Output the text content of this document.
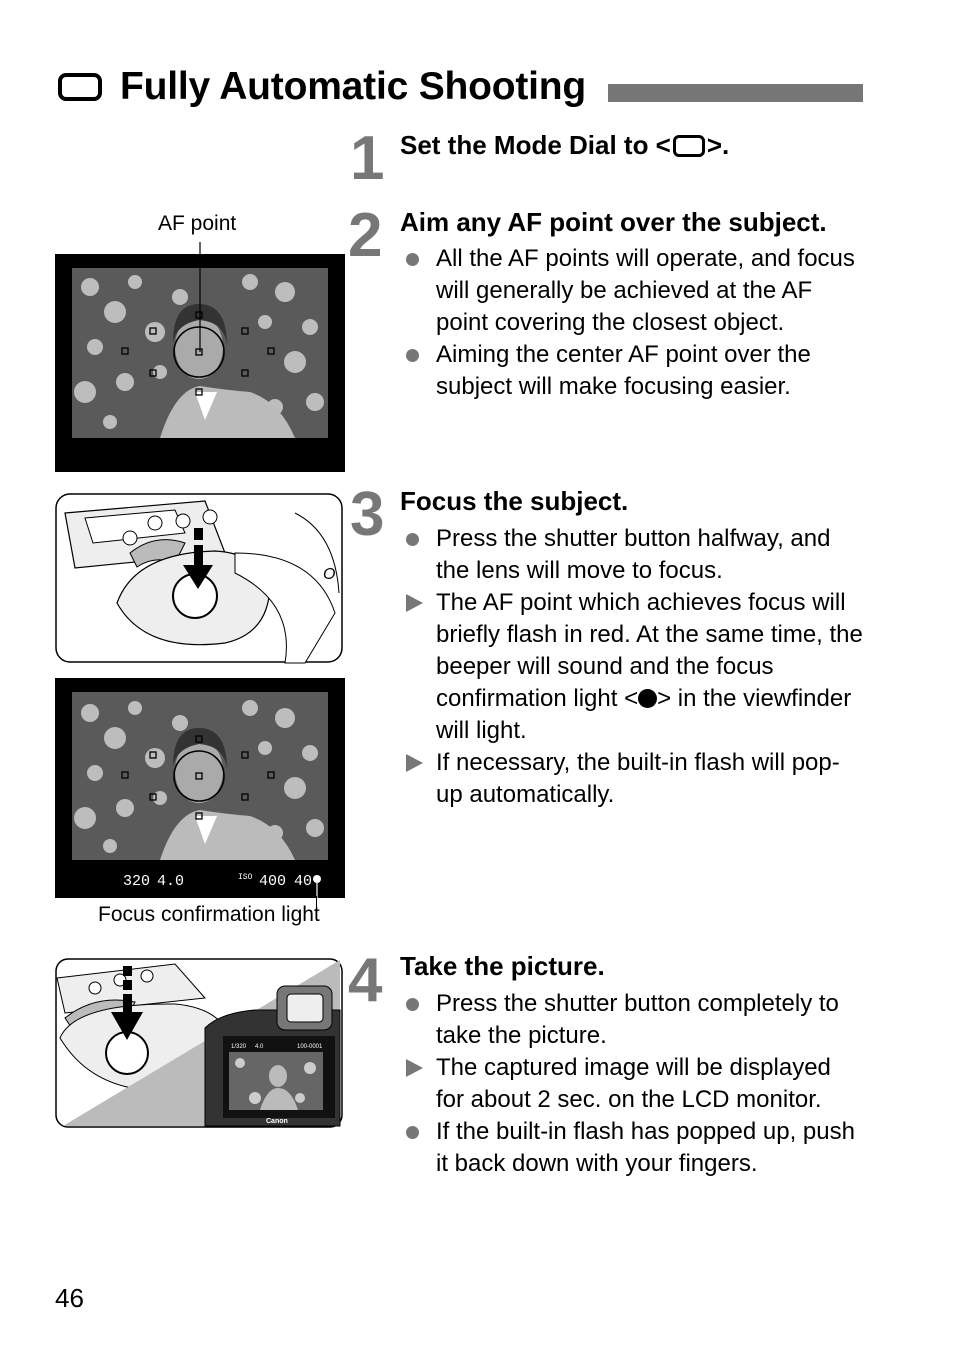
Fully Automatic Shooting
1 Set the Mode Dial to < >.
2 Aim any AF point over the subject.
All the AF points will operate, and focus will generally be achieved at the AF point covering the closest object.
Aiming the center AF point over the subject will make focusing easier.
3 Focus the subject.
Press the shutter button halfway, and the lens will move to focus.
The AF point which achieves focus will briefly flash in red. At the same time, the beeper will sound and the focus confirmation light < > in the viewfinder will light.
If necessary, the built-in flash will pop-up automatically.
4 Take the picture.
Press the shutter button completely to take the picture.
The captured image will be displayed for about 2 sec. on the LCD monitor.
If the built-in flash has popped up, push it back down with your fingers.
AF point
O
320 4.0	ISO 400 40
Focus confirmation light
1/320 4.0	100-0001
Canon
46
